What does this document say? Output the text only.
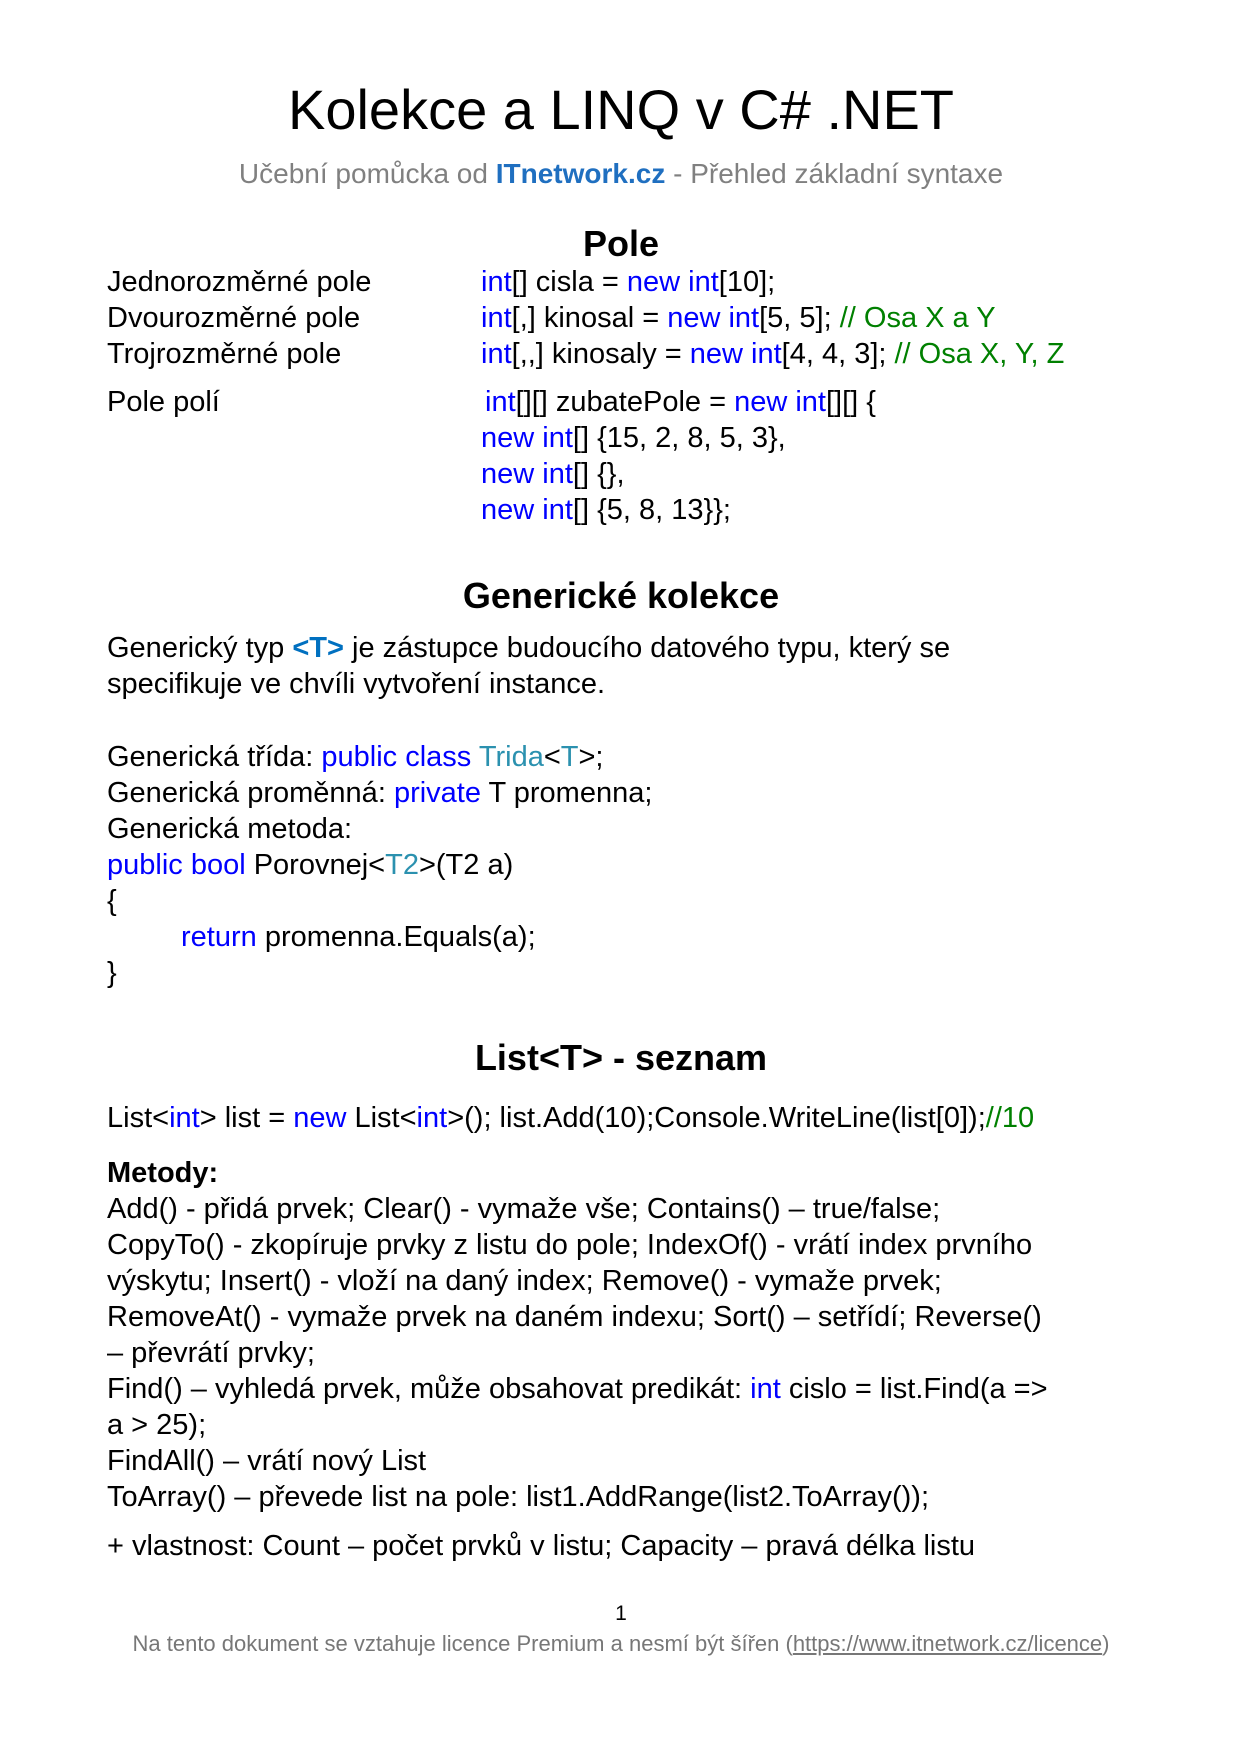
Kolekce a LINQ v C# .NET
Učební pomůcka od ITnetwork.cz - Přehled základní syntaxe
Pole
Jednorozměrné pole	int[] cisla = new int[10];
Dvourozměrné pole	int[,] kinosal = new int[5, 5]; // Osa X a Y
Trojrozměrné pole	int[,,] kinosaly = new int[4, 4, 3]; // Osa X, Y, Z
Pole polí	int[][] zubatePole = new int[][] {
new int[] {15, 2, 8, 5, 3},
new int[] {},
new int[] {5, 8, 13}};
Generické kolekce
Generický typ <T> je zástupce budoucího datového typu, který se
specifikuje ve chvíli vytvoření instance.
Generická třída: public class Trida<T>;
Generická proměnná: private T promenna;
Generická metoda:
public bool Porovnej<T2>(T2 a)
{
return promenna.Equals(a);
}
List<T> - seznam
List<int> list = new List<int>(); list.Add(10);Console.WriteLine(list[0]);//10
Metody:
Add() - přidá prvek; Clear() - vymaže vše; Contains() – true/false;
CopyTo() - zkopíruje prvky z listu do pole; IndexOf() - vrátí index prvního
výskytu; Insert() - vloží na daný index; Remove() - vymaže prvek;
RemoveAt() - vymaže prvek na daném indexu; Sort() – setřídí; Reverse()
– převrátí prvky;
Find() – vyhledá prvek, může obsahovat predikát: int cislo = list.Find(a =>
a > 25);
FindAll() – vrátí nový List
ToArray() – převede list na pole: list1.AddRange(list2.ToArray());
+ vlastnost: Count – počet prvků v listu; Capacity – pravá délka listu
1
Na tento dokument se vztahuje licence Premium a nesmí být šířen (https://www.itnetwork.cz/licence)
